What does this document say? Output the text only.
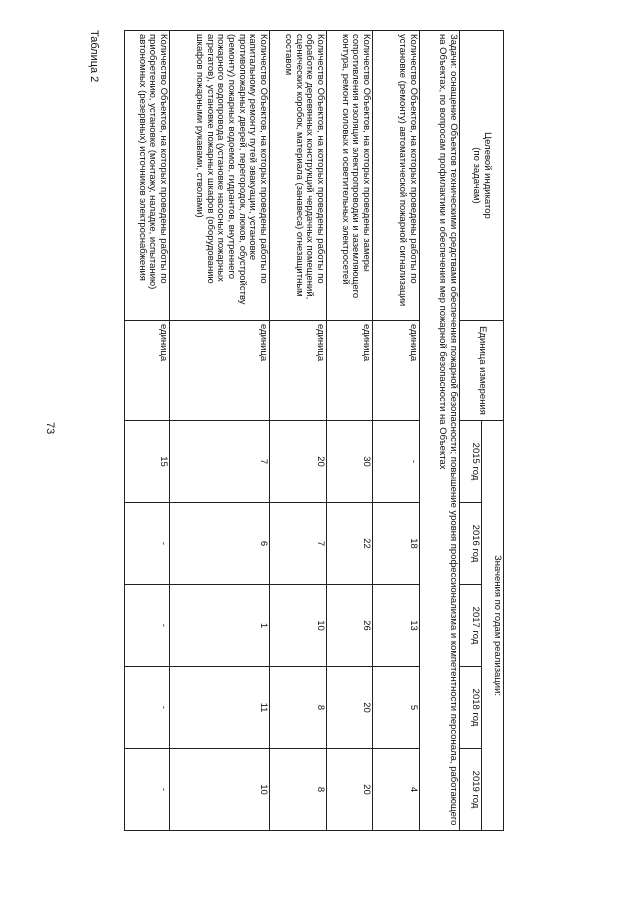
73
Таблица 2
Целевой индикатор
(по задачам)	Единица измерения	Значения по годам реализации:				
		2015 год	2016 год	2017 год	2018 год	2019 год
Задачи: оснащение Объектов техническими средствами обеспечения пожарной безопасности; повышение уровня профессионализма и компетентности персонала, работающего на Объектах, по вопросам профилактики и обеспечения мер пожарной безопасности на Объектах						
Количество Объектов, на которых проведены работы по установке (ремонту) автоматической пожарной сигнализации	единица	-	18	13	5	4
Количество Объектов, на которых проведены замеры сопротивления изоляции электропроводки и заземляющего контура, ремонт силовых и осветительных электросетей	единица	30	22	26	20	20
Количество Объектов, на которых проведены работы по обработке деревянных конструкций чердачных помещений, сценических коробок, материала (занавеса) огнезащитным составом	единица	20	7	10	8	8
Количество Объектов, на которых проведены работы по капитальному ремонту путей эвакуации, установке противопожарных дверей, перегородок, люков, обустройству (ремонту) пожарных водоемов, гидрантов, внутреннего пожарного водопровода (установке насосных пожарных агрегатов), установке пожарных шкафов (оборудованию шкафов пожарными рукавами, стволами)	единица	7	6	1	11	10
Количество Объектов, на которых проведены работы по приобретению, установке (монтажу, наладке, испытанию) автономных (резервных) источников электроснабжения	единица	15	-	-	-	-
